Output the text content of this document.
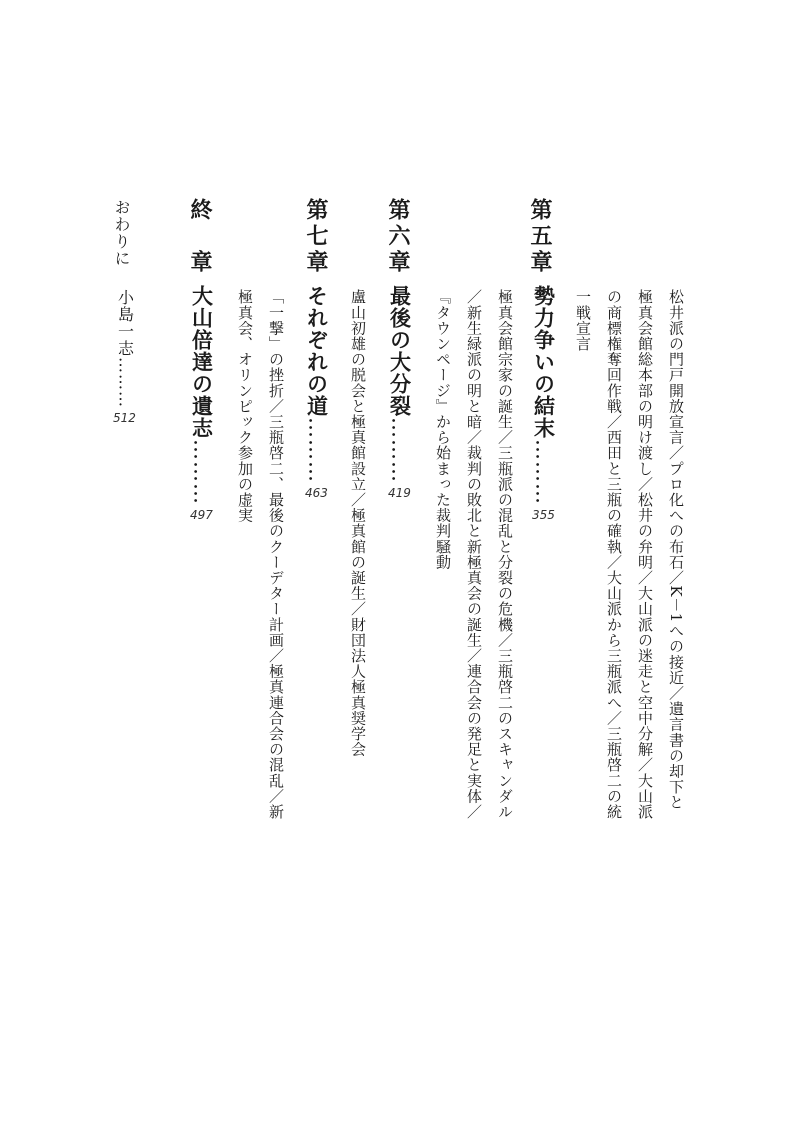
第五章
松井派の門戸開放宣言／プロ化への布石／K－1への接近／遺言書の却下と
極真会館総本部の明け渡し／松井の弁明／大山派の迷走と空中分解／大山派
の商標権奪回作戦／西田と三瓶の確執／大山派から三瓶派へ／三瓶啓二の統
一戦宣言
勢力争いの結末………355
極真会館宗家の誕生／三瓶派の混乱と分裂の危機／三瓶啓二のスキャンダル
／新生緑派の明と暗／裁判の敗北と新極真会の誕生／連合会の発足と実体／
『タウンページ』から始まった裁判騒動
第六章
最後の大分裂………419
盧山初雄の脱会と極真館設立／極真館の誕生／財団法人極真奨学会
第七章
それぞれの道………463
「一撃」の挫折／三瓶啓二、最後のクーデター計画／極真連合会の混乱／新
極真会、オリンピック参加の虚実
終　章
大山倍達の遺志………497
おわりに
小島一志………512
